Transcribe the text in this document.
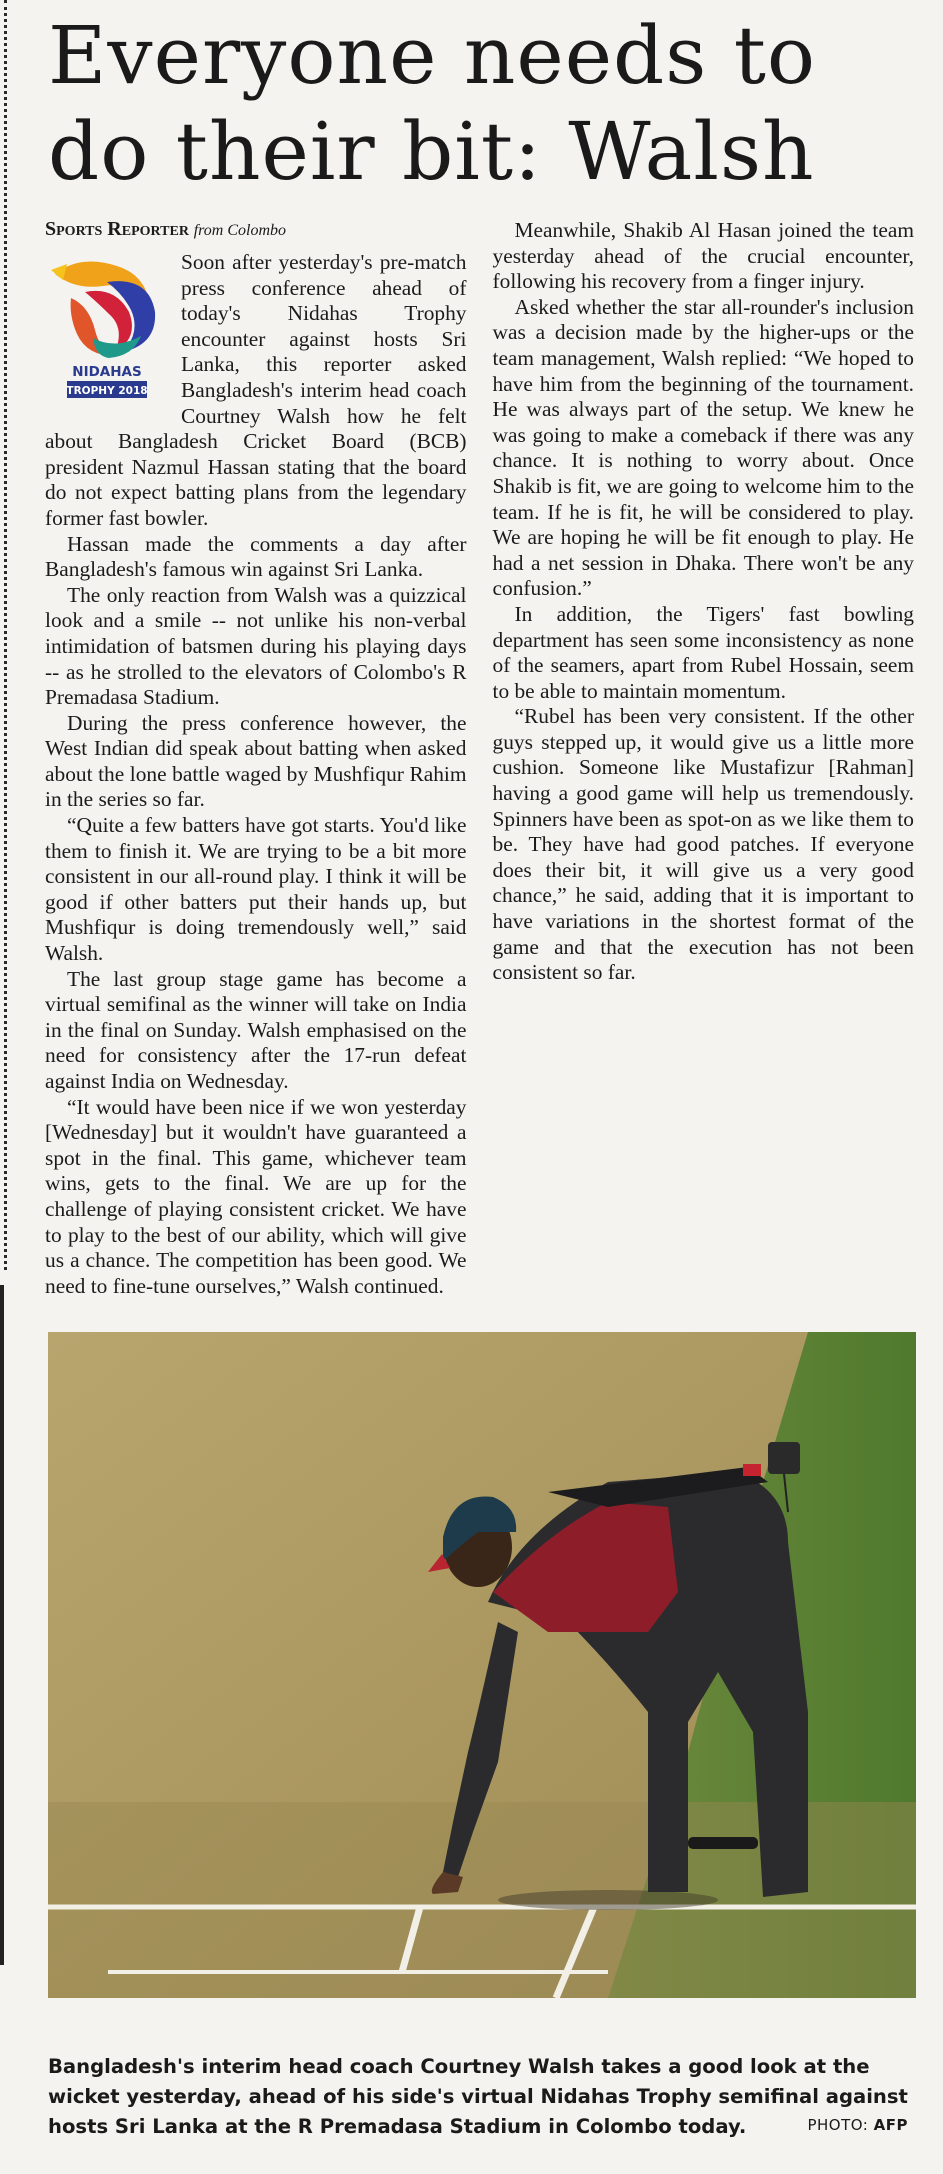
Everyone needs to do their bit: Walsh
Sports Reporter from Colombo
NIDAHAS
TROPHY 2018

Soon after yesterday's pre-match press conference ahead of today's Nidahas Trophy encounter against hosts Sri Lanka, this reporter asked Bangladesh's interim head coach Courtney Walsh how he felt about Bangladesh Cricket Board (BCB) president Nazmul Hassan stating that the board do not expect batting plans from the legendary former fast bowler.

Hassan made the comments a day after Bangladesh's famous win against Sri Lanka.

The only reaction from Walsh was a quizzical look and a smile -- not unlike his non-verbal intimidation of batsmen during his playing days -- as he strolled to the elevators of Colombo's R Premadasa Stadium.

During the press conference however, the West Indian did speak about batting when asked about the lone battle waged by Mushfiqur Rahim in the series so far.

“Quite a few batters have got starts. You'd like them to finish it. We are trying to be a bit more consistent in our all-round play. I think it will be good if other batters put their hands up, but Mushfiqur is doing tremendously well,” said Walsh.

The last group stage game has become a virtual semifinal as the winner will take on India in the final on Sunday. Walsh emphasised on the need for consistency after the 17-run defeat against India on Wednesday.

“It would have been nice if we won yesterday [Wednesday] but it wouldn't have guaranteed a spot in the final. This game, whichever team wins, gets to the final. We are up for the challenge of playing consistent cricket. We have to play to the best of our ability, which will give us a chance. The competition has been good. We need to fine-tune ourselves,” Walsh continued.

Meanwhile, Shakib Al Hasan joined the team yesterday ahead of the crucial encounter, following his recovery from a finger injury.

Asked whether the star all-rounder's inclusion was a decision made by the higher-ups or the team management, Walsh replied: “We hoped to have him from the beginning of the tournament. He was always part of the setup. We knew he was going to make a comeback if there was any chance. It is nothing to worry about. Once Shakib is fit, we are going to welcome him to the team. If he is fit, he will be considered to play. We are hoping he will be fit enough to play. He had a net session in Dhaka. There won't be any confusion.”

In addition, the Tigers' fast bowling department has seen some inconsistency as none of the seamers, apart from Rubel Hossain, seem to be able to maintain momentum.

“Rubel has been very consistent. If the other guys stepped up, it would give us a little more cushion. Someone like Mustafizur [Rahman] having a good game will help us tremendously. Spinners have been as spot-on as we like them to be. They have had good patches. If everyone does their bit, it will give us a very good chance,” he said, adding that it is important to have variations in the shortest format of the game and that the execution has not been consistent so far.

Bangladesh's interim head coach Courtney Walsh takes a good look at the wicket yesterday, ahead of his side's virtual Nidahas Trophy semifinal against hosts Sri Lanka at the R Premadasa Stadium in Colombo today.	PHOTO: AFP
